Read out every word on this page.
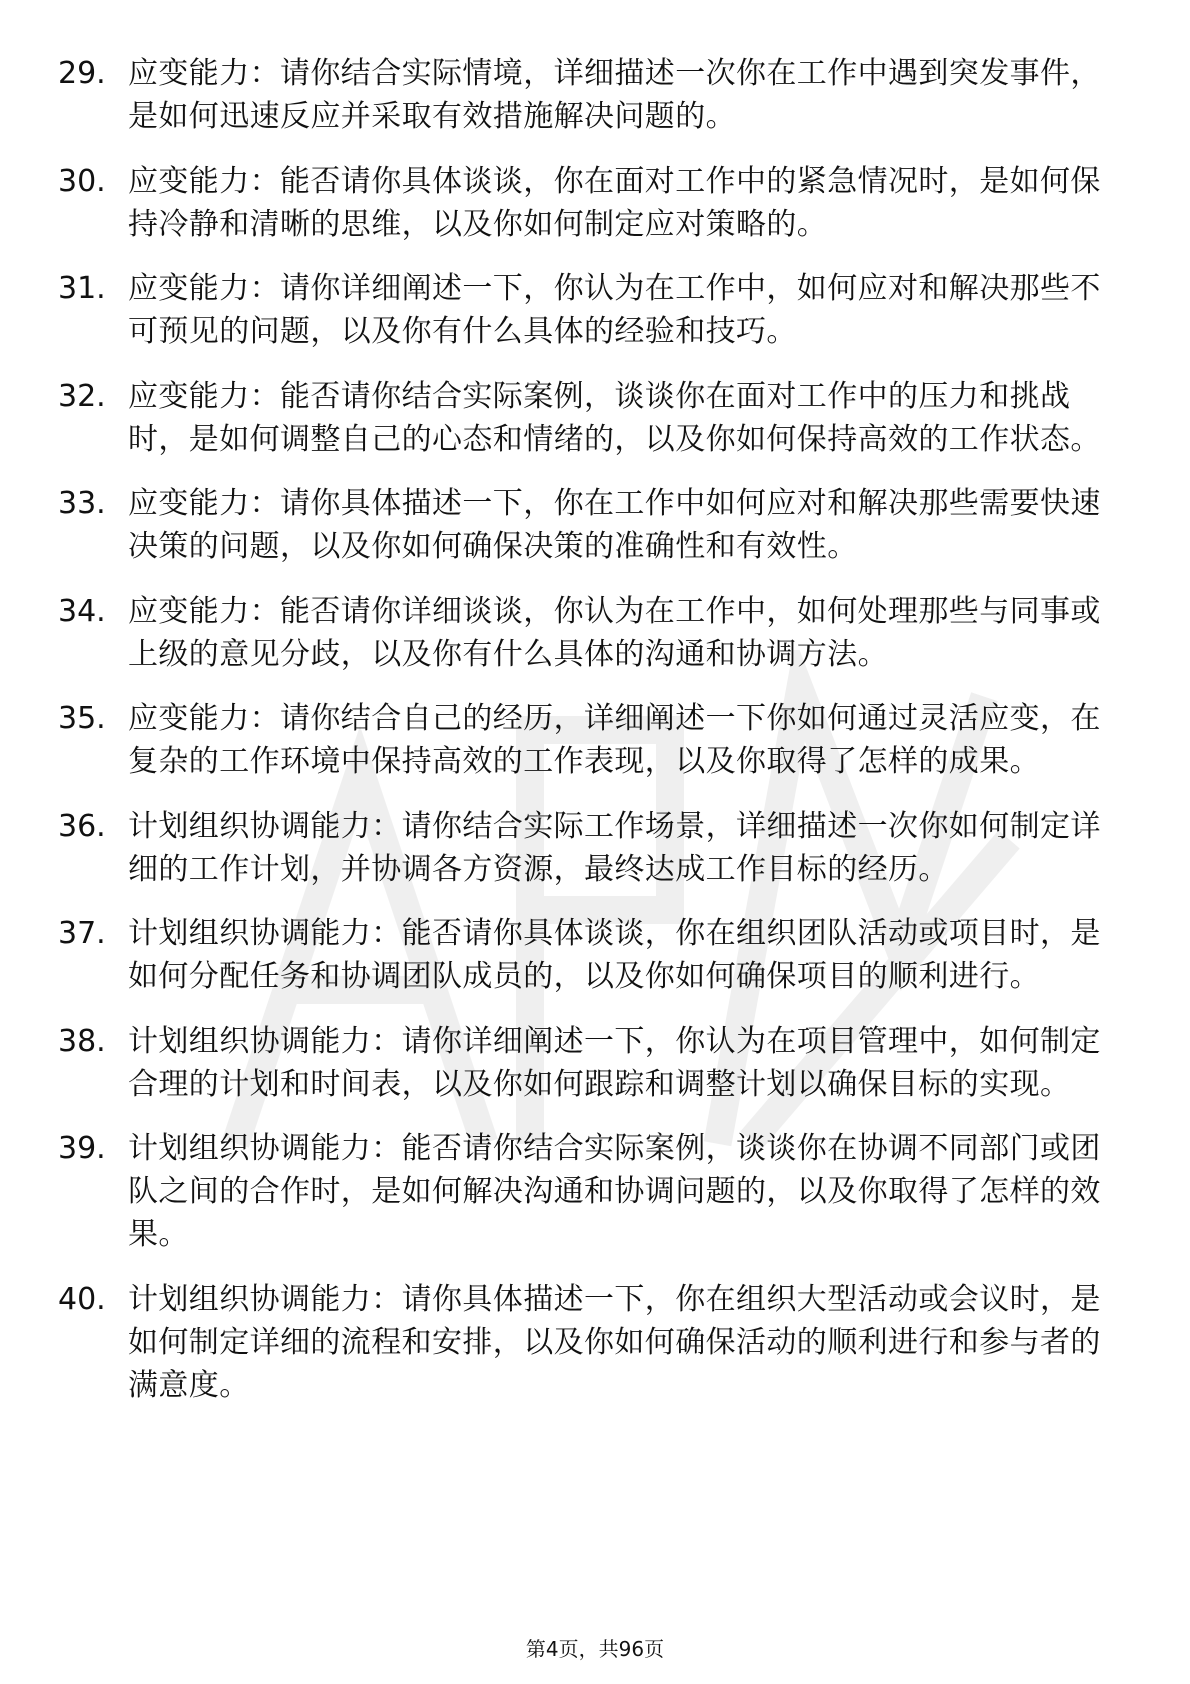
29. 应变能力：请你结合实际情境，详细描述一次你在工作中遇到突发事件，是如何迅速反应并采取有效措施解决问题的。
30. 应变能力：能否请你具体谈谈，你在面对工作中的紧急情况时，是如何保持冷静和清晰的思维，以及你如何制定应对策略的。
31. 应变能力：请你详细阐述一下，你认为在工作中，如何应对和解决那些不可预见的问题，以及你有什么具体的经验和技巧。
32. 应变能力：能否请你结合实际案例，谈谈你在面对工作中的压力和挑战时，是如何调整自己的心态和情绪的，以及你如何保持高效的工作状态。
33. 应变能力：请你具体描述一下，你在工作中如何应对和解决那些需要快速决策的问题，以及你如何确保决策的准确性和有效性。
34. 应变能力：能否请你详细谈谈，你认为在工作中，如何处理那些与同事或上级的意见分歧，以及你有什么具体的沟通和协调方法。
35. 应变能力：请你结合自己的经历，详细阐述一下你如何通过灵活应变，在复杂的工作环境中保持高效的工作表现，以及你取得了怎样的成果。
36. 计划组织协调能力：请你结合实际工作场景，详细描述一次你如何制定详细的工作计划，并协调各方资源，最终达成工作目标的经历。
37. 计划组织协调能力：能否请你具体谈谈，你在组织团队活动或项目时，是如何分配任务和协调团队成员的，以及你如何确保项目的顺利进行。
38. 计划组织协调能力：请你详细阐述一下，你认为在项目管理中，如何制定合理的计划和时间表，以及你如何跟踪和调整计划以确保目标的实现。
39. 计划组织协调能力：能否请你结合实际案例，谈谈你在协调不同部门或团队之间的合作时，是如何解决沟通和协调问题的，以及你取得了怎样的效果。
40. 计划组织协调能力：请你具体描述一下，你在组织大型活动或会议时，是如何制定详细的流程和安排，以及你如何确保活动的顺利进行和参与者的满意度。
第4页，共96页
